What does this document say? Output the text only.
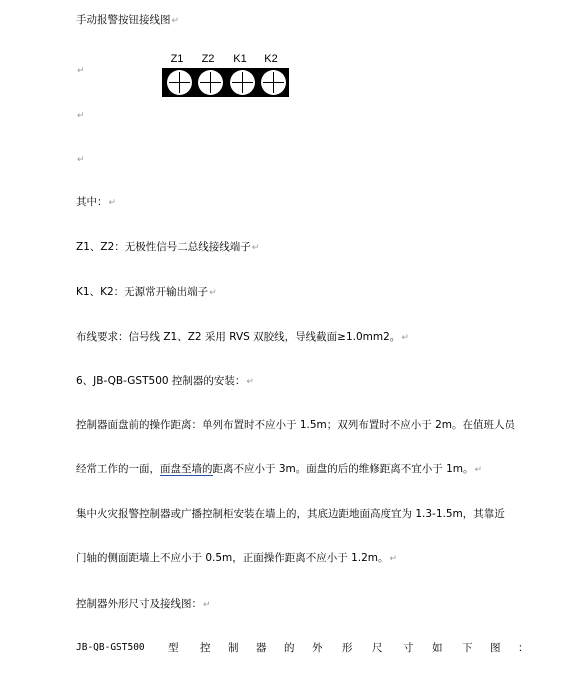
手动报警按钮接线图↵
Z1	Z2	K1	K2
↵
↵
↵
其中：↵
Z1、Z2：无极性信号二总线接线端子↵
K1、K2：无源常开输出端子↵
布线要求：信号线 Z1、Z2 采用 RVS 双胶线，导线截面≥1.0mm2。↵
6、JB-QB-GST500 控制器的安装：↵
控制器面盘前的操作距离：单列布置时不应小于 1.5m；双列布置时不应小于 2m。在值班人员
经常工作的一面，面盘至墙的距离不应小于 3m。面盘的后的维修距离不宜小于 1m。↵
集中火灾报警控制器或广播控制柜安装在墙上的，其底边距地面高度宜为 1.3-1.5m，其靠近
门轴的侧面距墙上不应小于 0.5m，正面操作距离不应小于 1.2m。↵
控制器外形尺寸及接线图：↵
JB-QB-GST500 型 控 制 器 的 外 形 尺 寸 如 下 图 ：
